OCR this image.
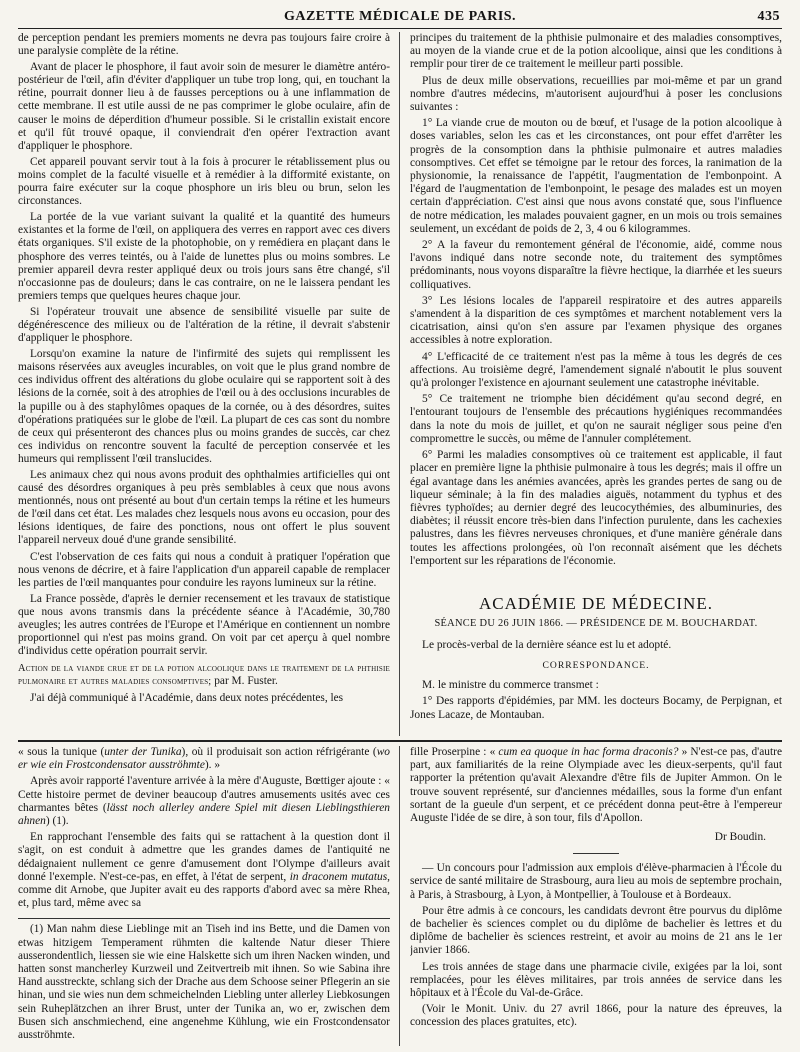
GAZETTE MÉDICALE DE PARIS.	435

de perception pendant les premiers moments ne devra pas toujours faire croire à une paralysie complète de la rétine.

Avant de placer le phosphore, il faut avoir soin de mesurer le diamètre antéro-postérieur de l'œil, afin d'éviter d'appliquer un tube trop long, qui, en touchant la rétine, pourrait donner lieu à de fausses perceptions ou à une inflammation de cette membrane. Il est utile aussi de ne pas comprimer le globe oculaire, afin de causer le moins de déperdition d'humeur possible. Si le cristallin existait encore et qu'il fût trouvé opaque, il conviendrait d'en opérer l'extraction avant d'appliquer le phosphore.

Cet appareil pouvant servir tout à la fois à procurer le rétablissement plus ou moins complet de la faculté visuelle et à remédier à la difformité existante, on pourra faire exécuter sur la coque phosphore un iris bleu ou brun, selon les circonstances.

La portée de la vue variant suivant la qualité et la quantité des humeurs existantes et la forme de l'œil, on appliquera des verres en rapport avec ces divers états organiques. S'il existe de la photophobie, on y remédiera en plaçant dans le phosphore des verres teintés, ou à l'aide de lunettes plus ou moins sombres. Le premier appareil devra rester appliqué deux ou trois jours sans être changé, s'il n'occasionne pas de douleurs; dans le cas contraire, on ne le laissera pendant les premiers temps que quelques heures chaque jour.

Si l'opérateur trouvait une absence de sensibilité visuelle par suite de dégénérescence des milieux ou de l'altération de la rétine, il devrait s'abstenir d'appliquer le phosphore.

Lorsqu'on examine la nature de l'infirmité des sujets qui remplissent les maisons réservées aux aveugles incurables, on voit que le plus grand nombre de ces individus offrent des altérations du globe oculaire qui se rapportent soit à des lésions de la cornée, soit à des atrophies de l'œil ou à des occlusions incurables de la pupille ou à des staphylômes opaques de la cornée, ou à des désordres, suites d'opérations pratiquées sur le globe de l'œil. La plupart de ces cas sont du nombre de ceux qui présenteront des chances plus ou moins grandes de succès, car chez ces individus on rencontre souvent la faculté de perception conservée et les humeurs qui remplissent l'œil translucides.

Les animaux chez qui nous avons produit des ophthalmies artificielles qui ont causé des désordres organiques à peu près semblables à ceux que nous avons mentionnés, nous ont présenté au bout d'un certain temps la rétine et les humeurs de l'œil dans cet état. Les malades chez lesquels nous avons eu occasion, pour des lésions identiques, de faire des ponctions, nous ont offert le plus souvent l'appareil nerveux doué d'une grande sensibilité.

C'est l'observation de ces faits qui nous a conduit à pratiquer l'opération que nous venons de décrire, et à faire l'application d'un appareil capable de remplacer les parties de l'œil manquantes pour conduire les rayons lumineux sur la rétine.

La France possède, d'après le dernier recensement et les travaux de statistique que nous avons transmis dans la précédente séance à l'Académie, 30,780 aveugles; les autres contrées de l'Europe et l'Amérique en contiennent un nombre proportionnel qui n'est pas moins grand. On voit par cet aperçu à quel nombre d'individus cette opération pourrait servir.

Action de la viande crue et de la potion alcoolique dans le traitement de la phthisie pulmonaire et autres maladies consomptives; par M. Fuster.

J'ai déjà communiqué à l'Académie, dans deux notes précédentes, les

principes du traitement de la phthisie pulmonaire et des maladies consomptives, au moyen de la viande crue et de la potion alcoolique, ainsi que les conditions à remplir pour tirer de ce traitement le meilleur parti possible.

Plus de deux mille observations, recueillies par moi-même et par un grand nombre d'autres médecins, m'autorisent aujourd'hui à poser les conclusions suivantes :

1° La viande crue de mouton ou de bœuf, et l'usage de la potion alcoolique à doses variables, selon les cas et les circonstances, ont pour effet d'arrêter les progrès de la consomption dans la phthisie pulmonaire et autres maladies consomptives. Cet effet se témoigne par le retour des forces, la ranimation de la physionomie, la renaissance de l'appétit, l'augmentation de l'embonpoint. A l'égard de l'augmentation de l'embonpoint, le pesage des malades est un moyen certain d'appréciation. C'est ainsi que nous avons constaté que, sous l'influence de notre médication, les malades pouvaient gagner, en un mois ou trois semaines seulement, un excédant de poids de 2, 3, 4 ou 6 kilogrammes.

2° A la faveur du remontement général de l'économie, aidé, comme nous l'avons indiqué dans notre seconde note, du traitement des symptômes prédominants, nous voyons disparaître la fièvre hectique, la diarrhée et les sueurs colliquatives.

3° Les lésions locales de l'appareil respiratoire et des autres appareils s'amendent à la disparition de ces symptômes et marchent notablement vers la cicatrisation, ainsi qu'on s'en assure par l'examen physique des organes accessibles à notre exploration.

4° L'efficacité de ce traitement n'est pas la même à tous les degrés de ces affections. Au troisième degré, l'amendement signalé n'aboutit le plus souvent qu'à prolonger l'existence en ajournant seulement une catastrophe inévitable.

5° Ce traitement ne triomphe bien décidément qu'au second degré, en l'entourant toujours de l'ensemble des précautions hygiéniques recommandées dans la note du mois de juillet, et qu'on ne saurait négliger sous peine d'en compromettre le succès, ou même de l'annuler complétement.

6° Parmi les maladies consomptives où ce traitement est applicable, il faut placer en première ligne la phthisie pulmonaire à tous les degrés; mais il offre un égal avantage dans les anémies avancées, après les grandes pertes de sang ou de liqueur séminale; à la fin des maladies aiguës, notamment du typhus et des fièvres typhoïdes; au dernier degré des leucocythémies, des albuminuries, des diabètes; il réussit encore très-bien dans l'infection purulente, dans les cachexies palustres, dans les fièvres nerveuses chroniques, et d'une manière générale dans toutes les affections prolongées, où l'on reconnaît aisément que les déchets l'emportent sur les réparations de l'économie.

ACADÉMIE DE MÉDECINE.
SÉANCE DU 26 JUIN 1866. — PRÉSIDENCE DE M. BOUCHARDAT.

Le procès-verbal de la dernière séance est lu et adopté.

CORRESPONDANCE.

M. le ministre du commerce transmet :

1° Des rapports d'épidémies, par MM. les docteurs Bocamy, de Perpignan, et Jones Lacaze, de Montauban.

« sous la tunique (unter der Tunika), où il produisait son action réfrigérante (wo er wie ein Frostcondensator ausströhmte). »

Après avoir rapporté l'aventure arrivée à la mère d'Auguste, Bœttiger ajoute : « Cette histoire permet de deviner beaucoup d'autres amusements usités avec ces charmantes bêtes (lässt noch allerley andere Spiel mit diesen Lieblingsthieren ahnen) (1).

En rapprochant l'ensemble des faits qui se rattachent à la question dont il s'agit, on est conduit à admettre que les grandes dames de l'antiquité ne dédaignaient nullement ce genre d'amusement dont l'Olympe d'ailleurs avait donné l'exemple. N'est-ce-pas, en effet, à l'état de serpent, in draconem mutatus, comme dit Arnobe, que Jupiter avait eu des rapports d'abord avec sa mère Rhea, et, plus tard, même avec sa

(1) Man nahm diese Lieblinge mit an Tiseh ind ins Bette, und die Damen von etwas hitzigem Temperament rühmten die kaltende Natur dieser Thiere ausserondentlich, liessen sie wie eine Halskette sich um ihren Nacken winden, und hatten sonst mancherley Kurzweil und Zeitvertreib mit ihnen. So wie Sabina ihre Hand ausstreckte, schlang sich der Drache aus dem Schoose seiner Pflegerin an sie hinan, und sie wies nun dem schmeichelnden Liebling unter allerley Liebkosungen sein Ruheplätzchen an ihrer Brust, unter der Tunika an, wo er, zwischen dem Busen sich anschmiechend, eine angenehme Kühlung, wie ein Frostcondensator ausströhmte.

fille Proserpine : « cum ea quoque in hac forma draconis? » N'est-ce pas, d'autre part, aux familiarités de la reine Olympiade avec les dieux-serpents, qu'il faut rapporter la prétention qu'avait Alexandre d'être fils de Jupiter Ammon. On le trouve souvent représenté, sur d'anciennes médailles, sous la forme d'un enfant sortant de la gueule d'un serpent, et ce précédent donna peut-être à l'empereur Auguste l'idée de se dire, à son tour, fils d'Apollon.

Dr Boudin.

— Un concours pour l'admission aux emplois d'élève-pharmacien à l'École du service de santé militaire de Strasbourg, aura lieu au mois de septembre prochain, à Paris, à Strasbourg, à Lyon, à Montpellier, à Toulouse et à Bordeaux.

Pour être admis à ce concours, les candidats devront être pourvus du diplôme de bachelier ès sciences complet ou du diplôme de bachelier ès lettres et du diplôme de bachelier ès sciences restreint, et avoir au moins de 21 ans le 1er janvier 1866.

Les trois années de stage dans une pharmacie civile, exigées par la loi, sont remplacées, pour les élèves militaires, par trois années de service dans les hôpitaux et à l'École du Val-de-Grâce.

(Voir le Monit. Univ. du 27 avril 1866, pour la nature des épreuves, la concession des places gratuites, etc).
